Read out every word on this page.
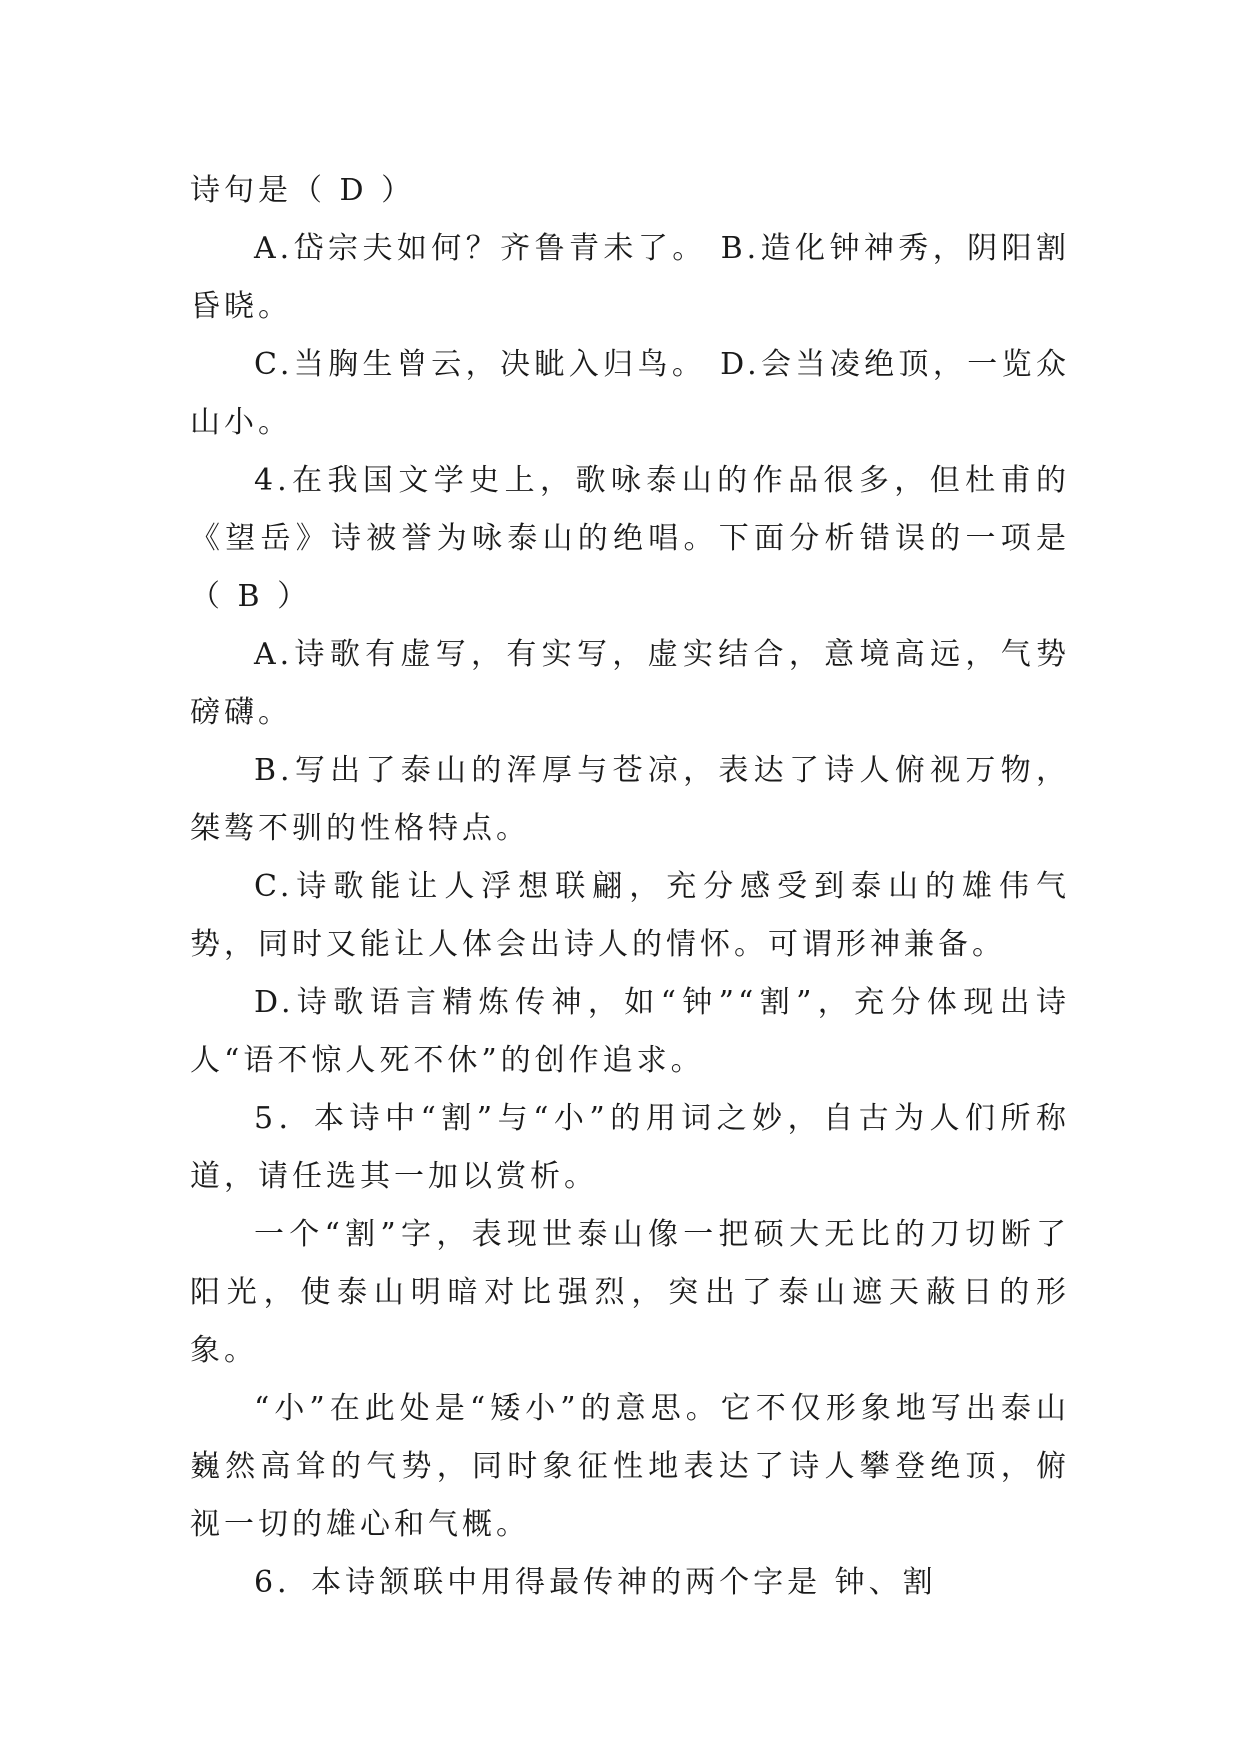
诗句是（ D ）

A.岱宗夫如何？齐鲁青未了。 B.造化钟神秀，阴阳割昏晓。

C.当胸生曾云，决眦入归鸟。 D.会当凌绝顶，一览众山小。

4.在我国文学史上，歌咏泰山的作品很多，但杜甫的《望岳》诗被誉为咏泰山的绝唱。下面分析错误的一项是（ B ）

A.诗歌有虚写，有实写，虚实结合，意境高远，气势磅礴。

B.写出了泰山的浑厚与苍凉，表达了诗人俯视万物，桀骜不驯的性格特点。

C.诗歌能让人浮想联翩，充分感受到泰山的雄伟气势，同时又能让人体会出诗人的情怀。可谓形神兼备。

D.诗歌语言精炼传神，如“钟”“割”，充分体现出诗人“语不惊人死不休”的创作追求。

5．本诗中“割”与“小”的用词之妙，自古为人们所称道，请任选其一加以赏析。

一个“割”字，表现世泰山像一把硕大无比的刀切断了阳光，使泰山明暗对比强烈，突出了泰山遮天蔽日的形象。

“小”在此处是“矮小”的意思。它不仅形象地写出泰山巍然高耸的气势，同时象征性地表达了诗人攀登绝顶，俯视一切的雄心和气概。

6．本诗颔联中用得最传神的两个字是 钟、割
